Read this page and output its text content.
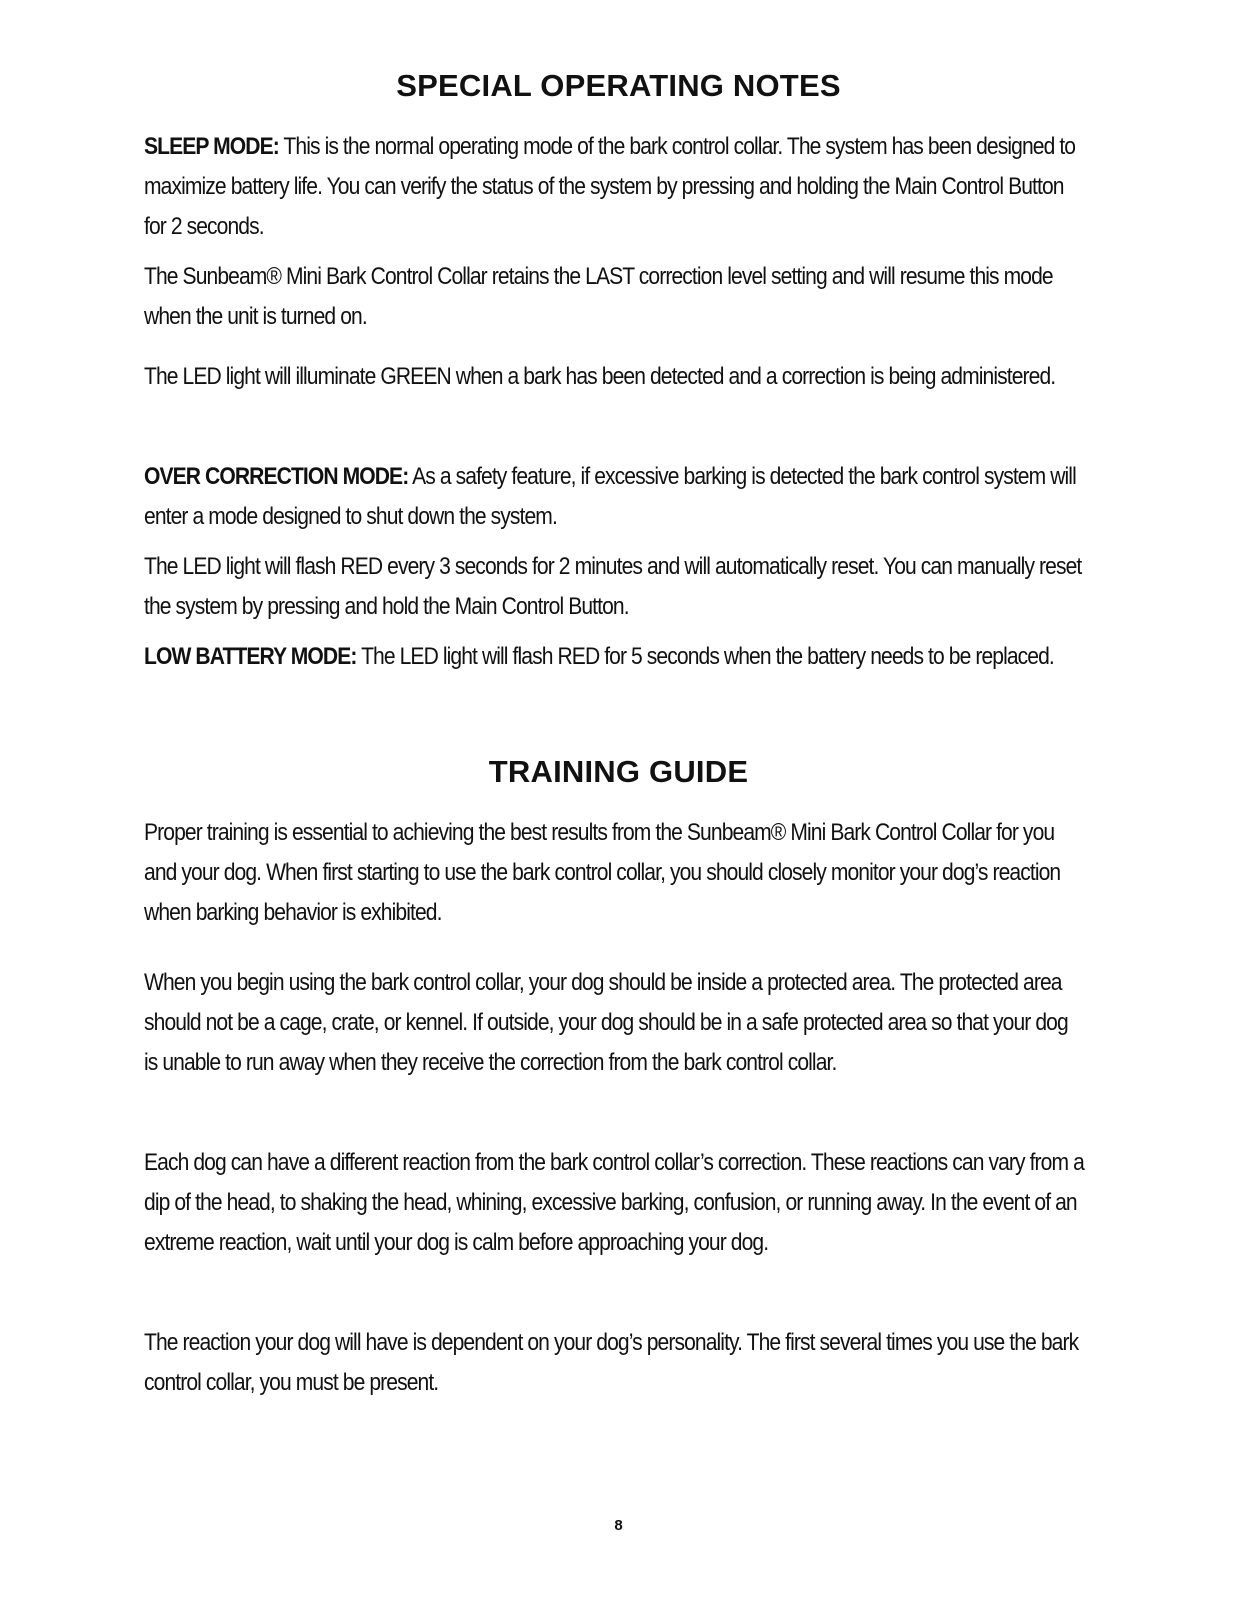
SPECIAL OPERATING NOTES

SLEEP MODE: This is the normal operating mode of the bark control collar. The system has been designed to maximize battery life. You can verify the status of the system by pressing and holding the Main Control Button for 2 seconds.

The Sunbeam® Mini Bark Control Collar retains the LAST correction level setting and will resume this mode when the unit is turned on.

The LED light will illuminate GREEN when a bark has been detected and a correction is being administered.

OVER CORRECTION MODE: As a safety feature, if excessive barking is detected the bark control system will enter a mode designed to shut down the system.

The LED light will flash RED every 3 seconds for 2 minutes and will automatically reset. You can manually reset the system by pressing and hold the Main Control Button.

LOW BATTERY MODE: The LED light will flash RED for 5 seconds when the battery needs to be replaced.

TRAINING GUIDE

Proper training is essential to achieving the best results from the Sunbeam® Mini Bark Control Collar for you and your dog. When first starting to use the bark control collar, you should closely monitor your dog’s reaction when barking behavior is exhibited.

When you begin using the bark control collar, your dog should be inside a protected area. The protected area should not be a cage, crate, or kennel. If outside, your dog should be in a safe protected area so that your dog is unable to run away when they receive the correction from the bark control collar.

Each dog can have a different reaction from the bark control collar’s correction. These reactions can vary from a dip of the head, to shaking the head, whining, excessive barking, confusion, or running away. In the event of an extreme reaction, wait until your dog is calm before approaching your dog.

The reaction your dog will have is dependent on your dog’s personality. The first several times you use the bark control collar, you must be present.

8
